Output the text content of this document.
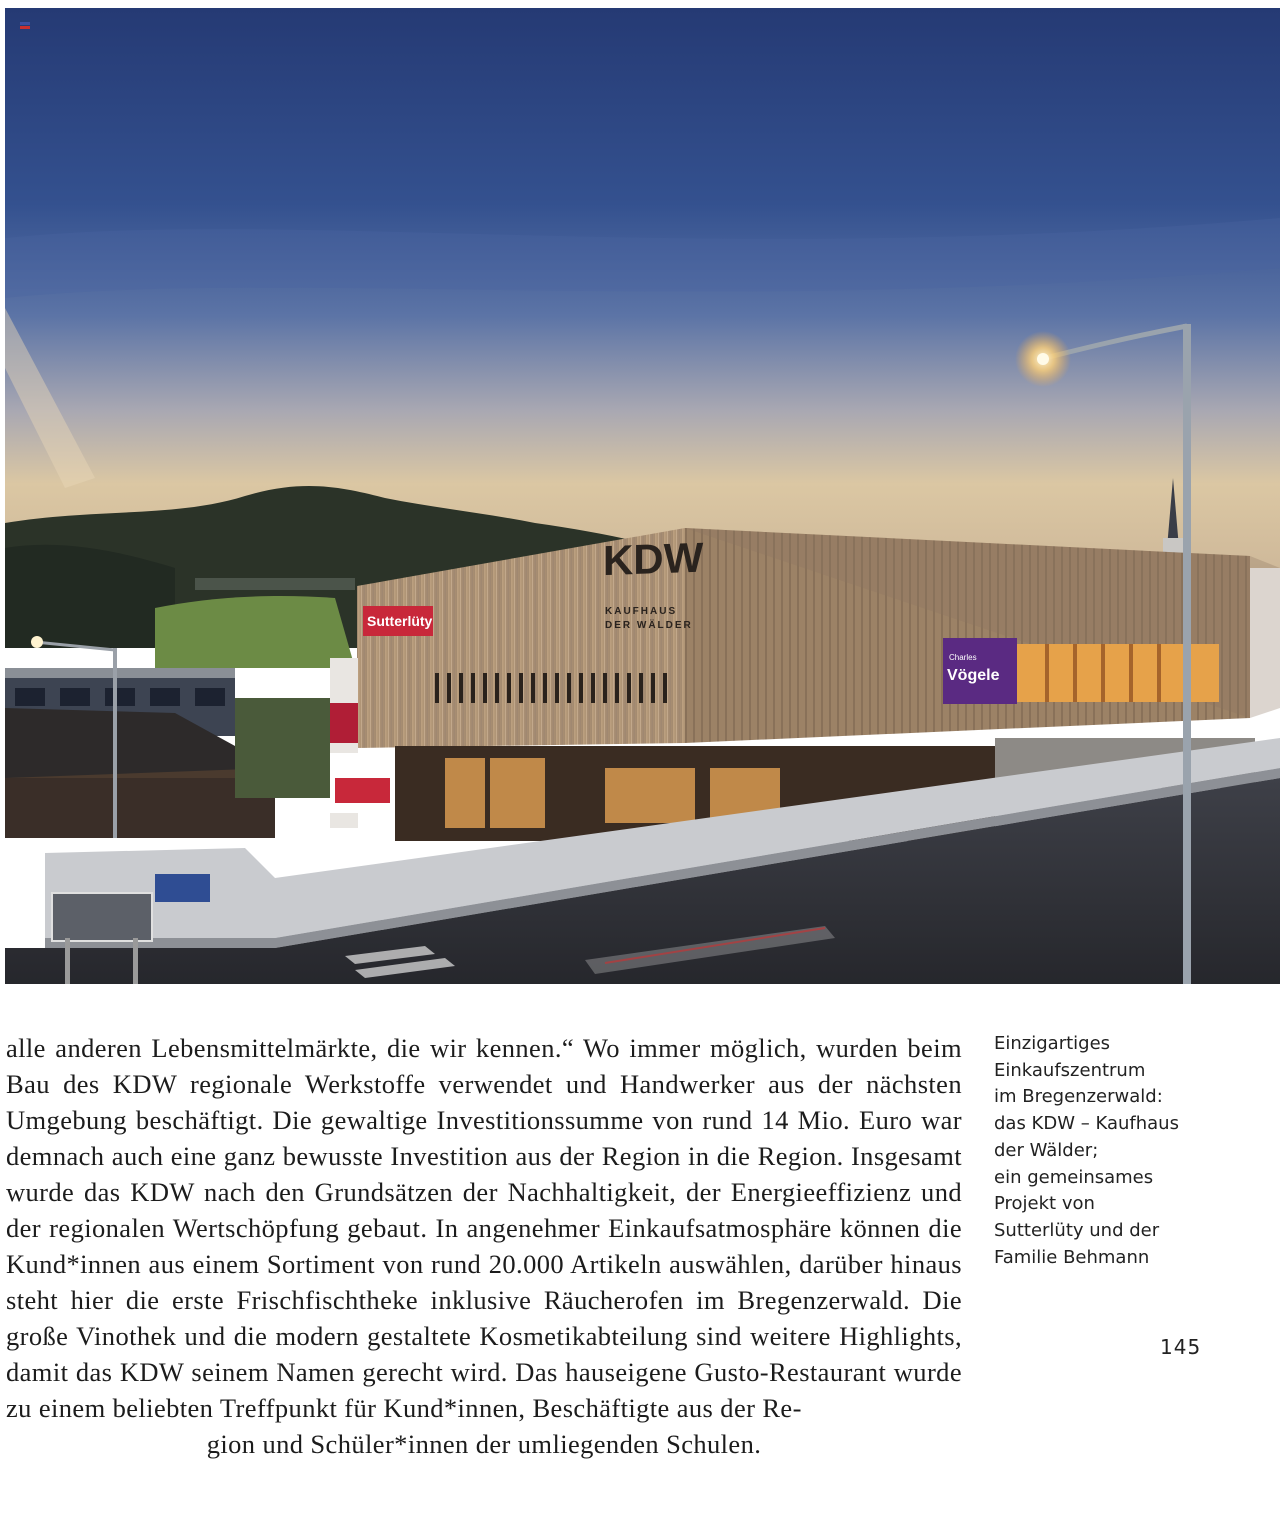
KDW
KAUFHAUS
DER WÄLDER
Sutterlüty
Charles
Vögele

alle anderen Lebensmittelmärkte, die wir kennen.“ Wo immer möglich, wurden beim Bau des KDW regionale Werkstoffe verwendet und Handwerker aus der nächsten Umgebung beschäftigt. Die gewaltige Investitionssumme von rund 14 Mio. Euro war demnach auch eine ganz bewusste Investition aus der Region in die Region. Insgesamt wurde das KDW nach den Grundsätzen der Nachhaltigkeit, der Energieeffizienz und der regionalen Wertschöpfung gebaut. In angenehmer Einkaufsatmosphäre können die Kund*innen aus einem Sortiment von rund 20.000 Artikeln auswählen, darüber hinaus steht hier die erste Frischfischtheke inklusive Räucherofen im Bregenzerwald. Die große Vinothek und die modern gestaltete Kosmetikabteilung sind weitere Highlights, damit das KDW seinem Namen gerecht wird. Das hauseigene Gusto-Restaurant wurde zu einem beliebten Treffpunkt für Kund*innen, Beschäftigte aus der Re-
gion und Schüler*innen der umliegenden Schulen.

Einzigartiges
Einkaufszentrum
im Bregenzerwald:
das KDW – Kaufhaus
der Wälder;
ein gemeinsames
Projekt von
Sutterlüty und der
Familie Behmann

145
